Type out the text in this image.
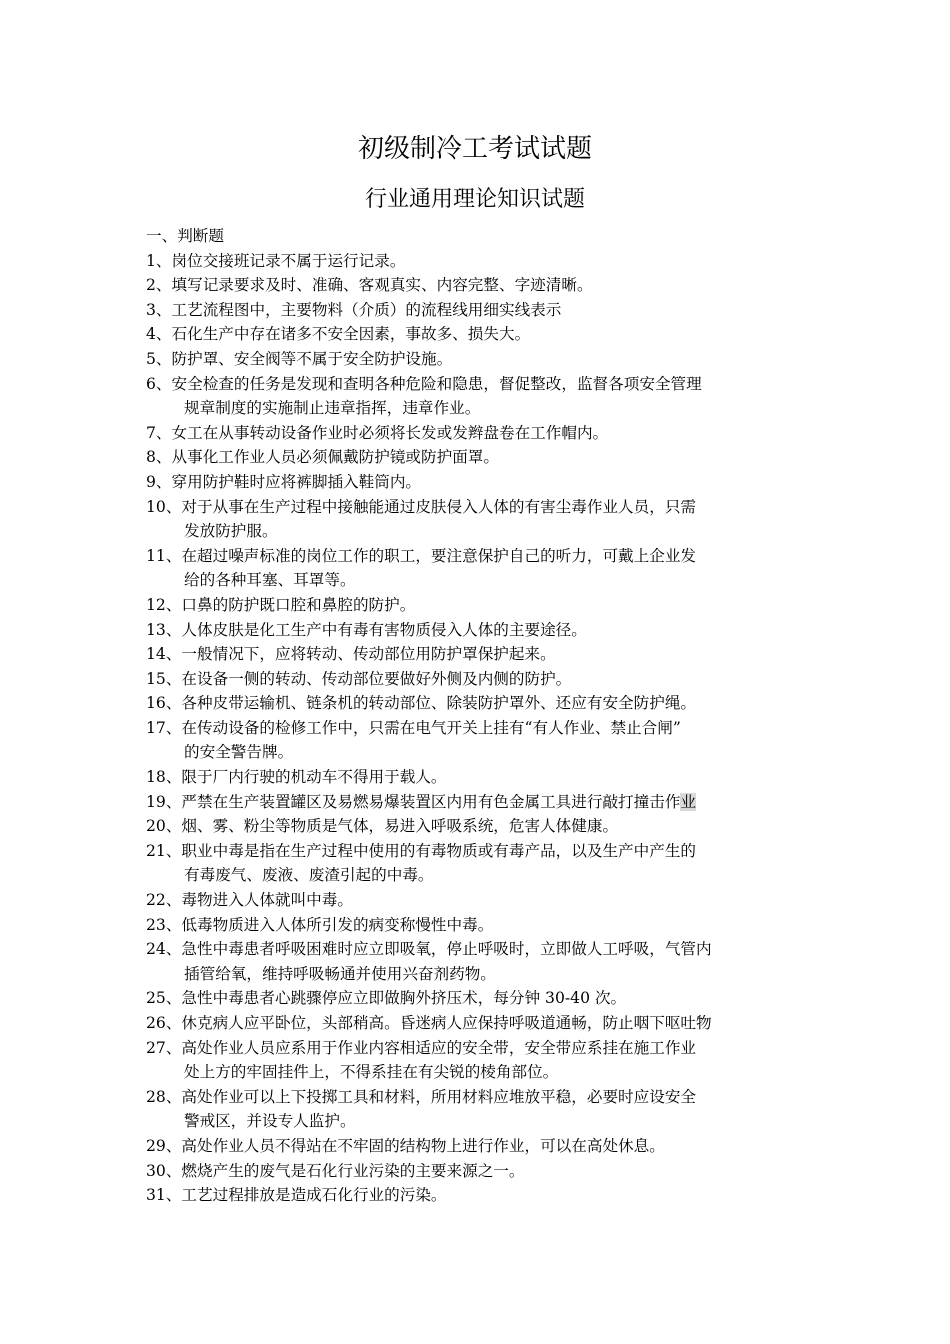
初级制冷工考试试题
行业通用理论知识试题
一、判断题
1、岗位交接班记录不属于运行记录。
2、填写记录要求及时、准确、客观真实、内容完整、字迹清晰。
3、工艺流程图中，主要物料（介质）的流程线用细实线表示
4、石化生产中存在诸多不安全因素，事故多、损失大。
5、防护罩、安全阀等不属于安全防护设施。
6、安全检查的任务是发现和查明各种危险和隐患，督促整改，监督各项安全管理
规章制度的实施制止违章指挥，违章作业。
7、女工在从事转动设备作业时必须将长发或发辫盘卷在工作帽内。
8、从事化工作业人员必须佩戴防护镜或防护面罩。
9、穿用防护鞋时应将裤脚插入鞋筒内。
10、对于从事在生产过程中接触能通过皮肤侵入人体的有害尘毒作业人员，只需
发放防护服。
11、在超过噪声标准的岗位工作的职工，要注意保护自己的听力，可戴上企业发
给的各种耳塞、耳罩等。
12、口鼻的防护既口腔和鼻腔的防护。
13、人体皮肤是化工生产中有毒有害物质侵入人体的主要途径。
14、一般情况下，应将转动、传动部位用防护罩保护起来。
15、在设备一侧的转动、传动部位要做好外侧及内侧的防护。
16、各种皮带运输机、链条机的转动部位、除装防护罩外、还应有安全防护绳。
17、在传动设备的检修工作中，只需在电气开关上挂有“有人作业、禁止合闸”
的安全警告牌。
18、限于厂内行驶的机动车不得用于载人。
19、严禁在生产装置罐区及易燃易爆装置区内用有色金属工具进行敲打撞击作业
20、烟、雾、粉尘等物质是气体，易进入呼吸系统，危害人体健康。
21、职业中毒是指在生产过程中使用的有毒物质或有毒产品，以及生产中产生的
有毒废气、废液、废渣引起的中毒。
22、毒物进入人体就叫中毒。
23、低毒物质进入人体所引发的病变称慢性中毒。
24、急性中毒患者呼吸困难时应立即吸氧，停止呼吸时，立即做人工呼吸，气管内
插管给氧，维持呼吸畅通并使用兴奋剂药物。
25、急性中毒患者心跳骤停应立即做胸外挤压术，每分钟 30-40 次。
26、休克病人应平卧位，头部稍高。昏迷病人应保持呼吸道通畅，防止咽下呕吐物
27、高处作业人员应系用于作业内容相适应的安全带，安全带应系挂在施工作业
处上方的牢固挂件上，不得系挂在有尖锐的棱角部位。
28、高处作业可以上下投掷工具和材料，所用材料应堆放平稳，必要时应设安全
警戒区，并设专人监护。
29、高处作业人员不得站在不牢固的结构物上进行作业，可以在高处休息。
30、燃烧产生的废气是石化行业污染的主要来源之一。
31、工艺过程排放是造成石化行业的污染。
